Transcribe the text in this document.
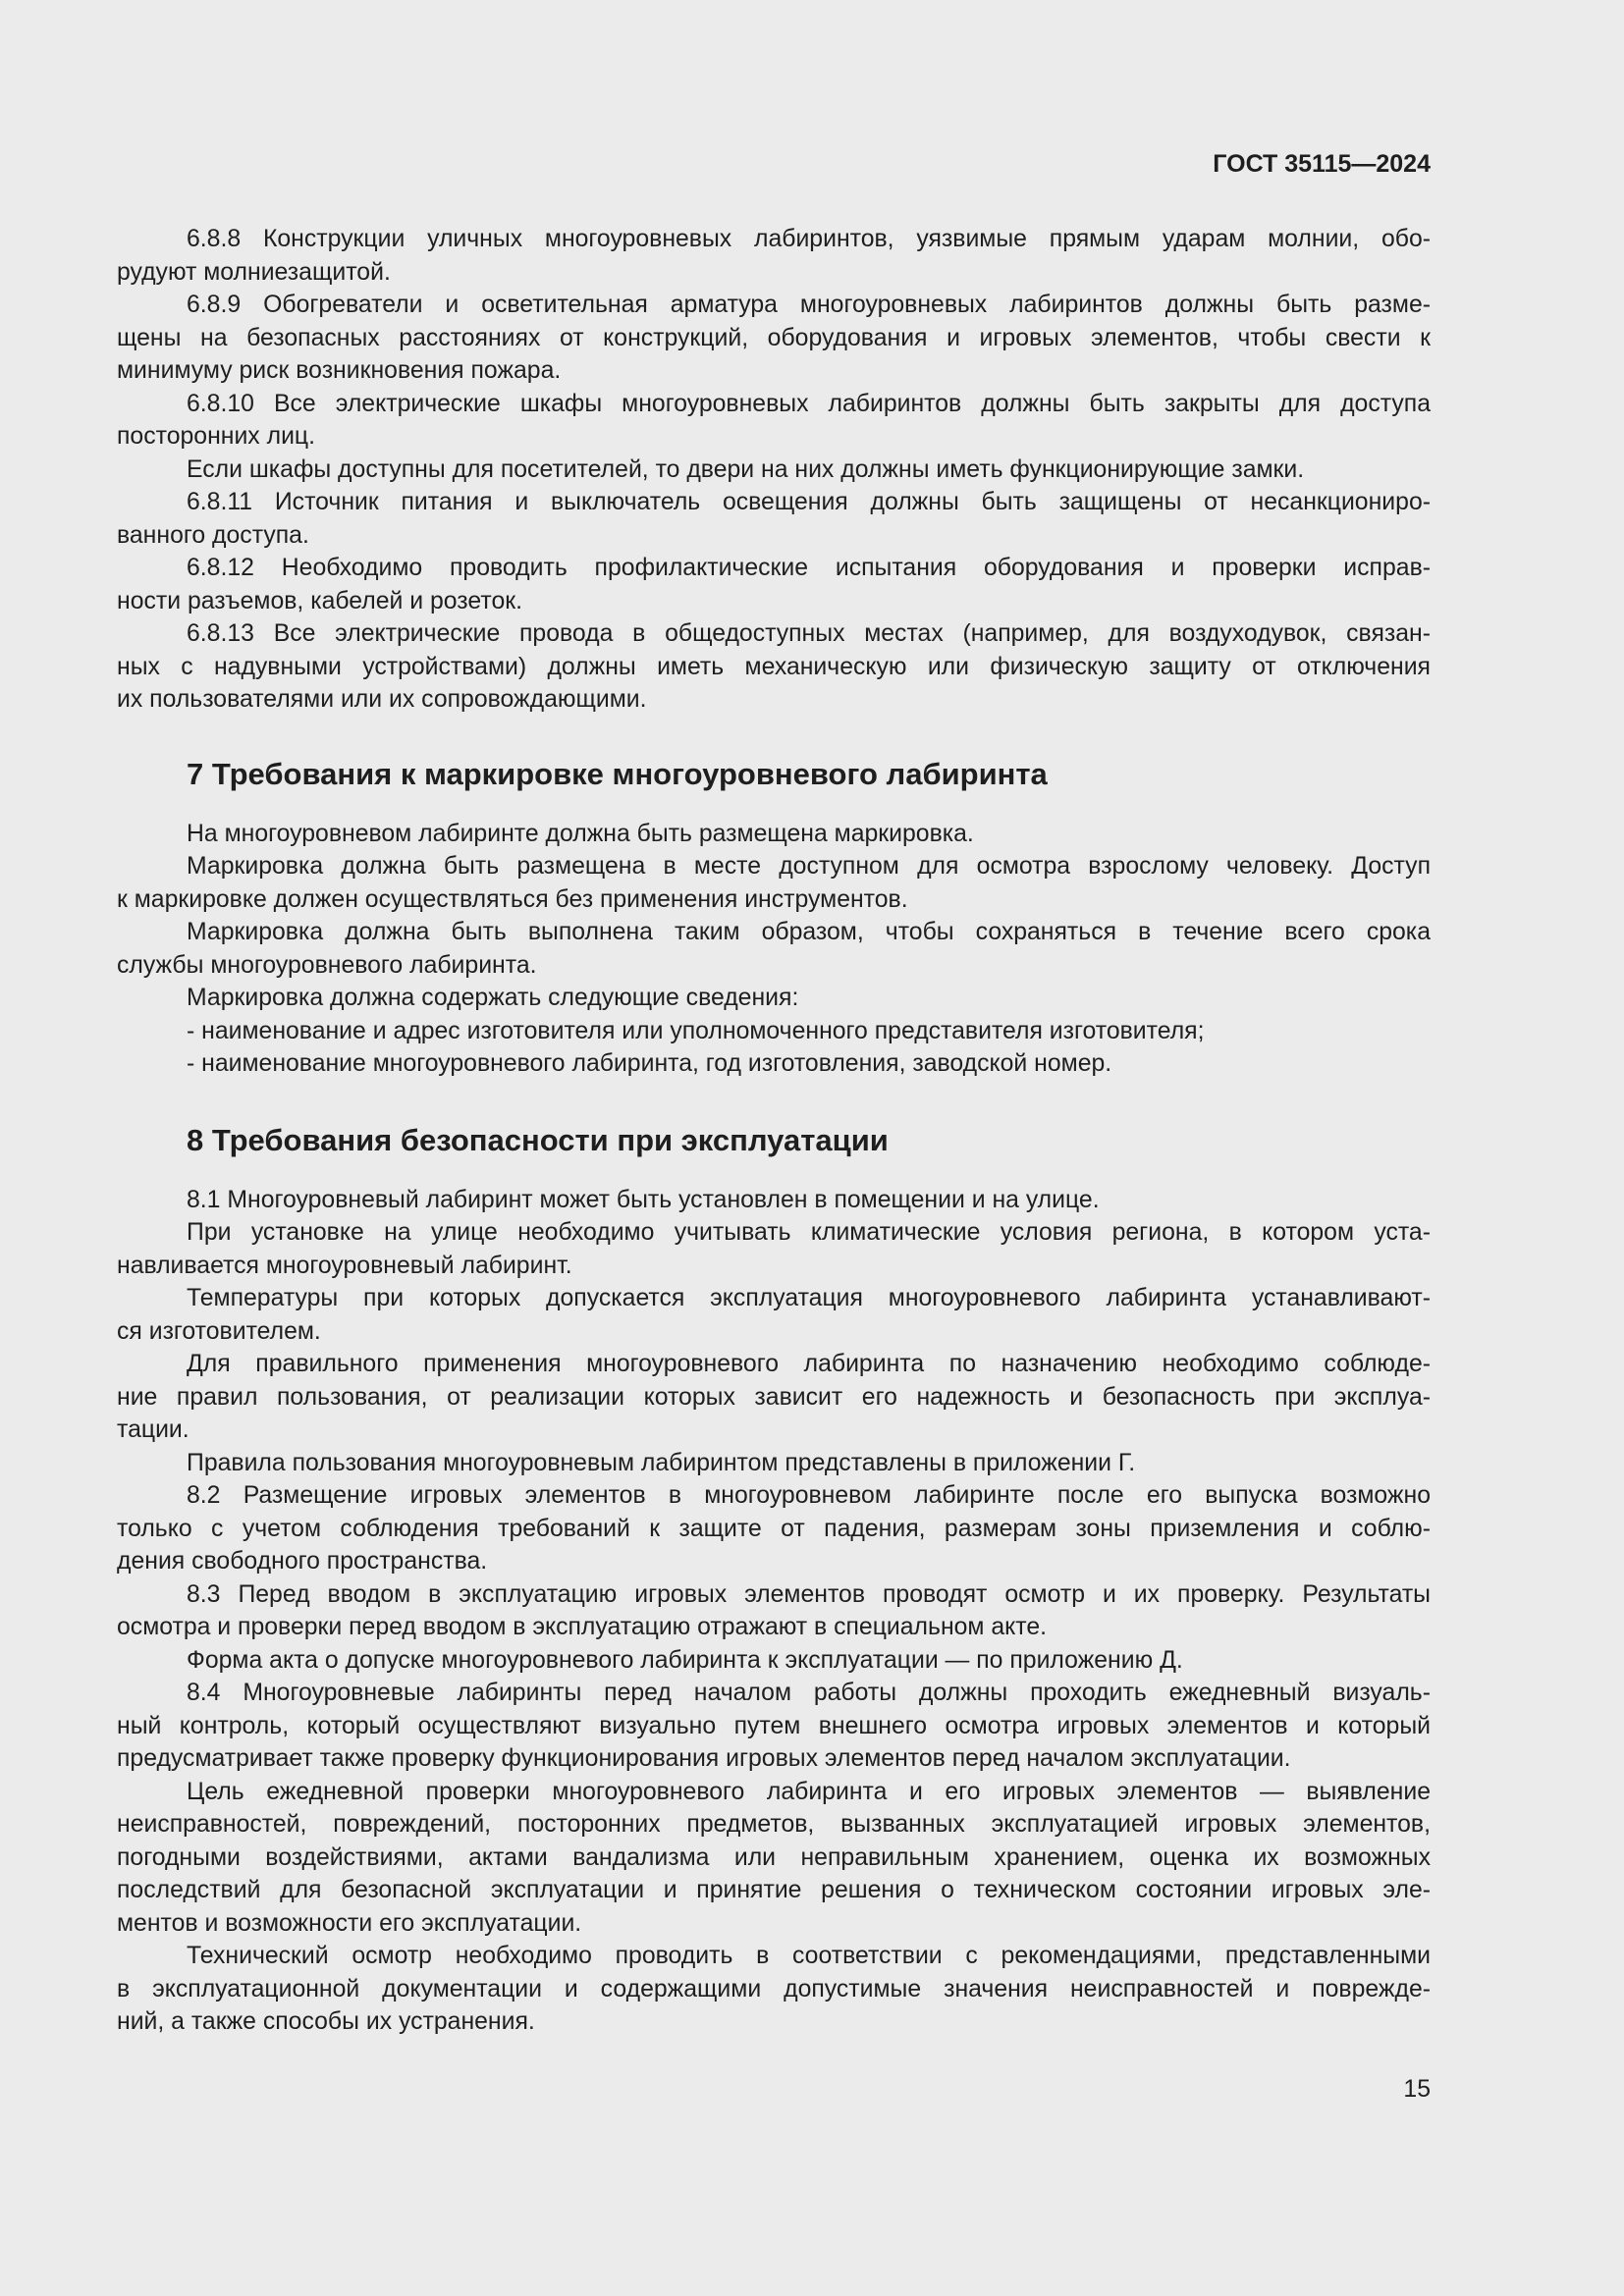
ГОСТ 35115—2024
6.8.8 Конструкции уличных многоуровневых лабиринтов, уязвимые прямым ударам молнии, обо-
рудуют молниезащитой.
6.8.9 Обогреватели и осветительная арматура многоуровневых лабиринтов должны быть разме-
щены на безопасных расстояниях от конструкций, оборудования и игровых элементов, чтобы свести к
минимуму риск возникновения пожара.
6.8.10 Все электрические шкафы многоуровневых лабиринтов должны быть закрыты для доступа
посторонних лиц.
Если шкафы доступны для посетителей, то двери на них должны иметь функционирующие замки.
6.8.11 Источник питания и выключатель освещения должны быть защищены от несанкциониро-
ванного доступа.
6.8.12 Необходимо проводить профилактические испытания оборудования и проверки исправ-
ности разъемов, кабелей и розеток.
6.8.13 Все электрические провода в общедоступных местах (например, для воздуходувок, связан-
ных с надувными устройствами) должны иметь механическую или физическую защиту от отключения
их пользователями или их сопровождающими.
7 Требования к маркировке многоуровневого лабиринта
На многоуровневом лабиринте должна быть размещена маркировка.
Маркировка должна быть размещена в месте доступном для осмотра взрослому человеку. Доступ
к маркировке должен осуществляться без применения инструментов.
Маркировка должна быть выполнена таким образом, чтобы сохраняться в течение всего срока
службы многоуровневого лабиринта.
Маркировка должна содержать следующие сведения:
- наименование и адрес изготовителя или уполномоченного представителя изготовителя;
- наименование многоуровневого лабиринта, год изготовления, заводской номер.
8 Требования безопасности при эксплуатации
8.1 Многоуровневый лабиринт может быть установлен в помещении и на улице.
При установке на улице необходимо учитывать климатические условия региона, в котором уста-
навливается многоуровневый лабиринт.
Температуры при которых допускается эксплуатация многоуровневого лабиринта устанавливают-
ся изготовителем.
Для правильного применения многоуровневого лабиринта по назначению необходимо соблюде-
ние правил пользования, от реализации которых зависит его надежность и безопасность при эксплуа-
тации.
Правила пользования многоуровневым лабиринтом представлены в приложении Г.
8.2 Размещение игровых элементов в многоуровневом лабиринте после его выпуска возможно
только с учетом соблюдения требований к защите от падения, размерам зоны приземления и соблю-
дения свободного пространства.
8.3 Перед вводом в эксплуатацию игровых элементов проводят осмотр и их проверку. Результаты
осмотра и проверки перед вводом в эксплуатацию отражают в специальном акте.
Форма акта о допуске многоуровневого лабиринта к эксплуатации — по приложению Д.
8.4 Многоуровневые лабиринты перед началом работы должны проходить ежедневный визуаль-
ный контроль, который осуществляют визуально путем внешнего осмотра игровых элементов и который
предусматривает также проверку функционирования игровых элементов перед началом эксплуатации.
Цель ежедневной проверки многоуровневого лабиринта и его игровых элементов — выявление
неисправностей, повреждений, посторонних предметов, вызванных эксплуатацией игровых элементов,
погодными воздействиями, актами вандализма или неправильным хранением, оценка их возможных
последствий для безопасной эксплуатации и принятие решения о техническом состоянии игровых эле-
ментов и возможности его эксплуатации.
Технический осмотр необходимо проводить в соответствии с рекомендациями, представленными
в эксплуатационной документации и содержащими допустимые значения неисправностей и поврежде-
ний, а также способы их устранения.
15
